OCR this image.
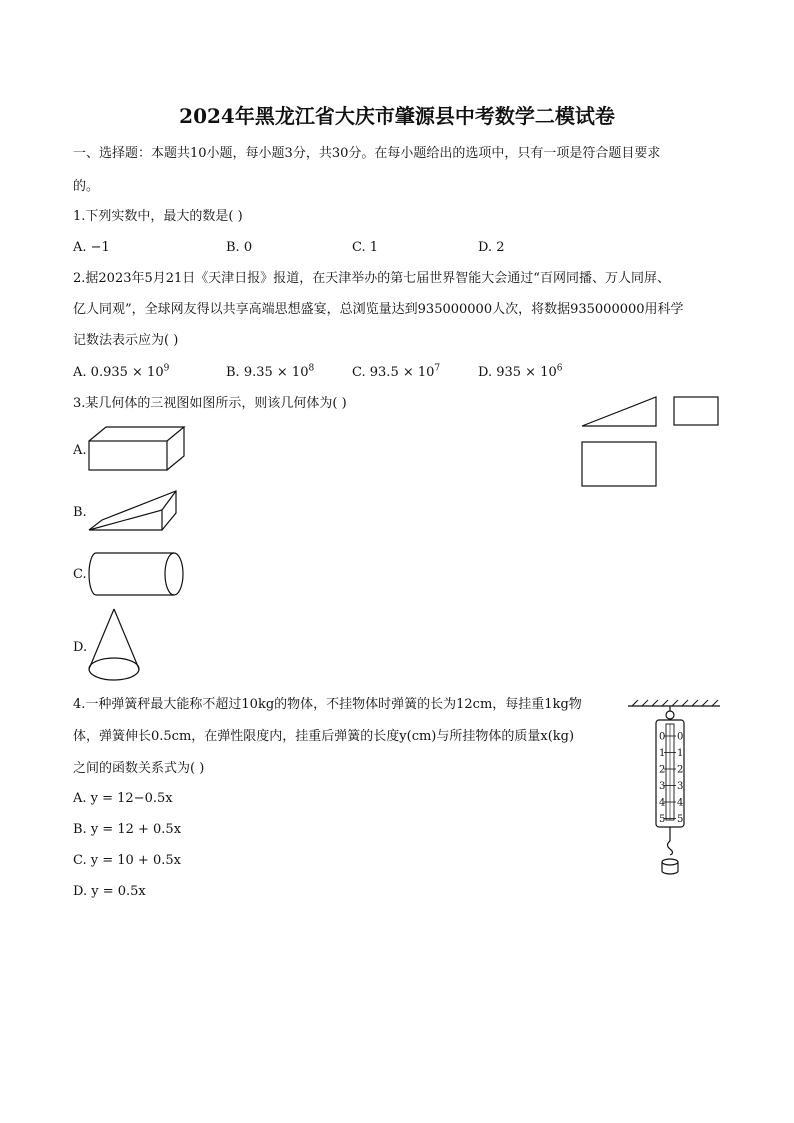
2024年黑龙江省大庆市肇源县中考数学二模试卷
一、选择题：本题共10小题，每小题3分，共30分。在每小题给出的选项中，只有一项是符合题目要求
的。
1.下列实数中，最大的数是( )
A. −1	B. 0	C. 1	D. 2
2.据2023年5月21日《天津日报》报道，在天津举办的第七届世界智能大会通过“百网同播、万人同屏、
亿人同观”，全球网友得以共享高端思想盛宴，总浏览量达到935000000人次，将数据935000000用科学
记数法表示应为( )
A. $0.935 \times 10^9$	B. $9.35 \times 10^8$	C. $93.5 \times 10^7$	D. $935 \times 10^6$
3.某几何体的三视图如图所示，则该几何体为( )
A.
B.
C.
D.
4.一种弹簧秤最大能称不超过10kg的物体，不挂物体时弹簧的长为12cm，每挂重1kg物
体，弹簧伸长0.5cm，在弹性限度内，挂重后弹簧的长度y(cm)与所挂物体的质量x(kg)
之间的函数关系式为( )
A. y = 12−0.5x
B. y = 12 + 0.5x
C. y = 10 + 0.5x
D. y = 0.5x
0 0
1 1
2 2
3 3
4 4
5 5
